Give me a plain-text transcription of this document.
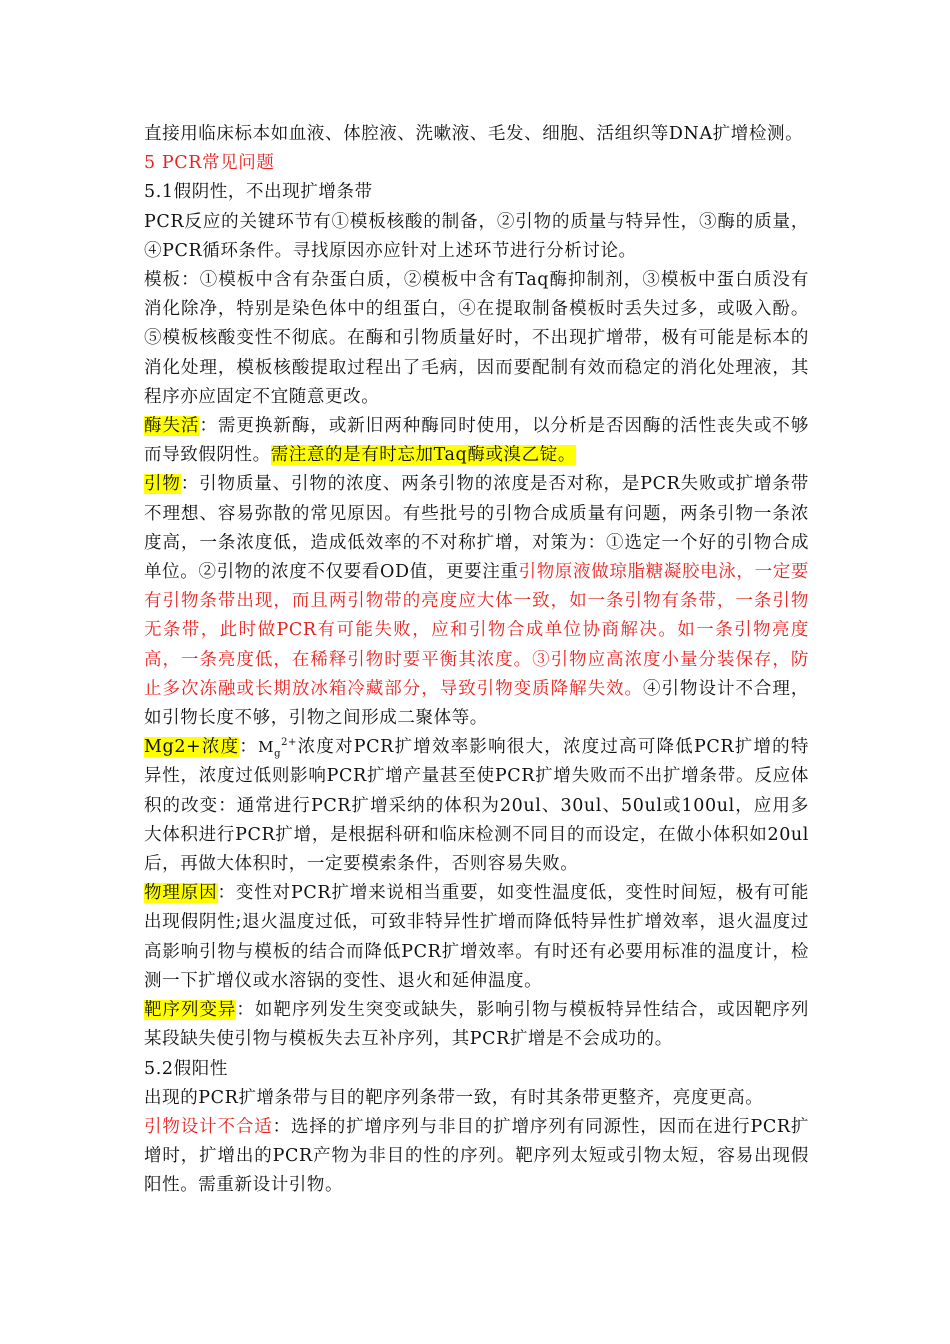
直接用临床标本如血液、体腔液、洗嗽液、毛发、细胞、活组织等DNA扩增检测。

5 PCR常见问题

5.1假阴性，不出现扩增条带

PCR反应的关键环节有①模板核酸的制备，②引物的质量与特异性，③酶的质量，④PCR循环条件。寻找原因亦应针对上述环节进行分析讨论。

模板：①模板中含有杂蛋白质，②模板中含有Taq酶抑制剂，③模板中蛋白质没有消化除净，特别是染色体中的组蛋白，④在提取制备模板时丢失过多，或吸入酚。⑤模板核酸变性不彻底。在酶和引物质量好时，不出现扩增带，极有可能是标本的消化处理，模板核酸提取过程出了毛病，因而要配制有效而稳定的消化处理液，其程序亦应固定不宜随意更改。

酶失活：需更换新酶，或新旧两种酶同时使用，以分析是否因酶的活性丧失或不够而导致假阴性。需注意的是有时忘加Taq酶或溴乙锭。

引物：引物质量、引物的浓度、两条引物的浓度是否对称，是PCR失败或扩增条带不理想、容易弥散的常见原因。有些批号的引物合成质量有问题，两条引物一条浓度高，一条浓度低，造成低效率的不对称扩增，对策为：①选定一个好的引物合成单位。②引物的浓度不仅要看OD值，更要注重引物原液做琼脂糖凝胶电泳，一定要有引物条带出现，而且两引物带的亮度应大体一致，如一条引物有条带，一条引物无条带，此时做PCR有可能失败，应和引物合成单位协商解决。如一条引物亮度高，一条亮度低，在稀释引物时要平衡其浓度。③引物应高浓度小量分装保存，防止多次冻融或长期放冰箱冷藏部分，导致引物变质降解失效。④引物设计不合理，如引物长度不够，引物之间形成二聚体等。

Mg2+浓度：$M_g^{2+}$浓度对PCR扩增效率影响很大，浓度过高可降低PCR扩增的特异性，浓度过低则影响PCR扩增产量甚至使PCR扩增失败而不出扩增条带。反应体积的改变：通常进行PCR扩增采纳的体积为20ul、30ul、50ul或100ul，应用多大体积进行PCR扩增，是根据科研和临床检测不同目的而设定，在做小体积如20ul后，再做大体积时，一定要模索条件，否则容易失败。

物理原因：变性对PCR扩增来说相当重要，如变性温度低，变性时间短，极有可能出现假阴性;退火温度过低，可致非特异性扩增而降低特异性扩增效率，退火温度过高影响引物与模板的结合而降低PCR扩增效率。有时还有必要用标准的温度计，检测一下扩增仪或水溶锅的变性、退火和延伸温度。

靶序列变异：如靶序列发生突变或缺失，影响引物与模板特异性结合，或因靶序列某段缺失使引物与模板失去互补序列，其PCR扩增是不会成功的。

5.2假阳性

出现的PCR扩增条带与目的靶序列条带一致，有时其条带更整齐，亮度更高。

引物设计不合适：选择的扩增序列与非目的扩增序列有同源性，因而在进行PCR扩增时，扩增出的PCR产物为非目的性的序列。靶序列太短或引物太短，容易出现假阳性。需重新设计引物。
